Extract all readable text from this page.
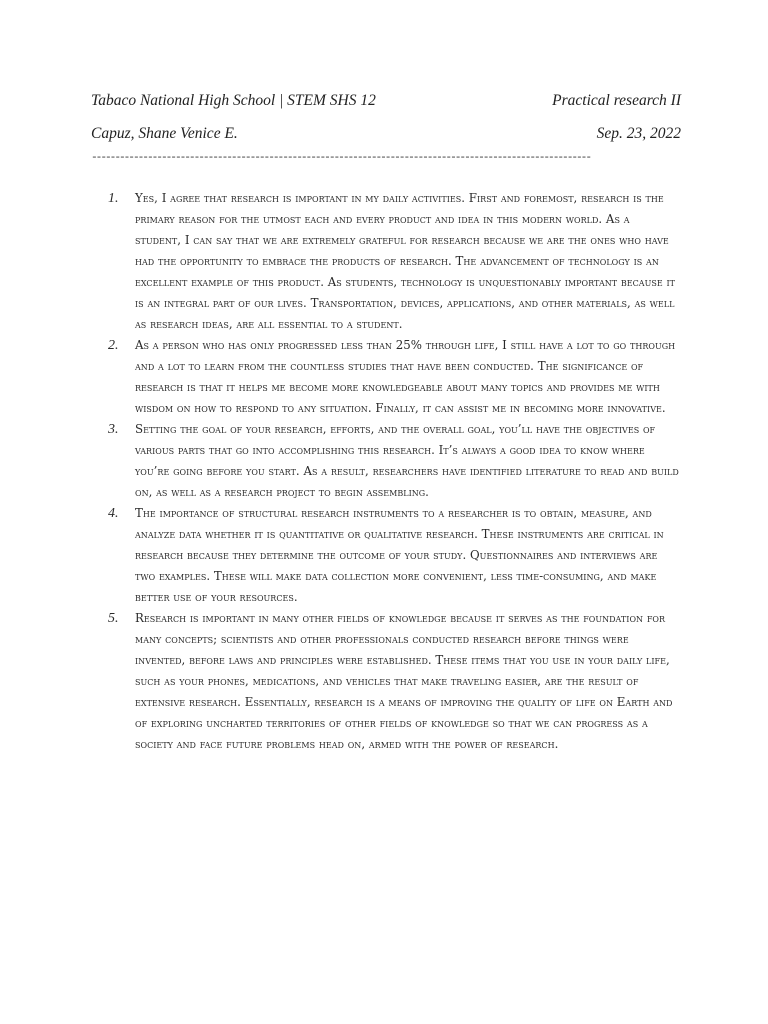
Tabaco National High School | STEM SHS 12	Practical research II
Capuz, Shane Venice E.	Sep. 23, 2022
-----------------------------------------------------------------------------------------------------------
1. Yes, I agree that research is important in my daily activities. First and foremost, research is the primary reason for the utmost each and every product and idea in this modern world. As a student, I can say that we are extremely grateful for research because we are the ones who have had the opportunity to embrace the products of research. The advancement of technology is an excellent example of this product. As students, technology is unquestionably important because it is an integral part of our lives. Transportation, devices, applications, and other materials, as well as research ideas, are all essential to a student.
2. As a person who has only progressed less than 25% through life, I still have a lot to go through and a lot to learn from the countless studies that have been conducted. The significance of research is that it helps me become more knowledgeable about many topics and provides me with wisdom on how to respond to any situation. Finally, it can assist me in becoming more innovative.
3. Setting the goal of your research, efforts, and the overall goal, you’ll have the objectives of various parts that go into accomplishing this research. It’s always a good idea to know where you’re going before you start. As a result, researchers have identified literature to read and build on, as well as a research project to begin assembling.
4. The importance of structural research instruments to a researcher is to obtain, measure, and analyze data whether it is quantitative or qualitative research. These instruments are critical in research because they determine the outcome of your study. Questionnaires and interviews are two examples. These will make data collection more convenient, less time-consuming, and make better use of your resources.
5. Research is important in many other fields of knowledge because it serves as the foundation for many concepts; scientists and other professionals conducted research before things were invented, before laws and principles were established. These items that you use in your daily life, such as your phones, medications, and vehicles that make traveling easier, are the result of extensive research. Essentially, research is a means of improving the quality of life on Earth and of exploring uncharted territories of other fields of knowledge so that we can progress as a society and face future problems head on, armed with the power of research.
